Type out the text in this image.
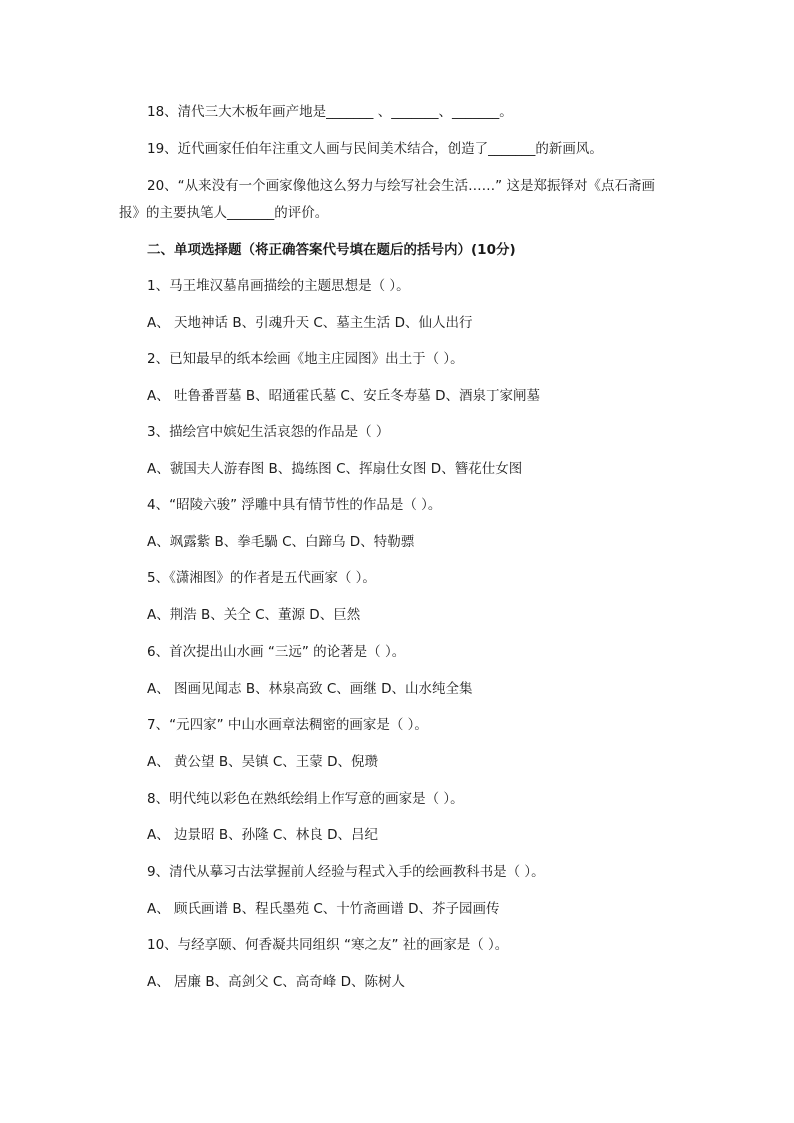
18、清代三大木板年画产地是_______ 、_______、_______。
19、近代画家任伯年注重文人画与民间美术结合，创造了_______的新画风。
20、“从来没有一个画家像他这么努力与绘写社会生活……” 这是郑振铎对《点石斋画
报》的主要执笔人_______的评价。
二、单项选择题（将正确答案代号填在题后的括号内）(10分)
1、马王堆汉墓帛画描绘的主题思想是（ ）。
A、 天地神话 B、引魂升天 C、墓主生活 D、仙人出行
2、已知最早的纸本绘画《地主庄园图》出土于（ ）。
A、 吐鲁番晋墓 B、昭通霍氏墓 C、安丘冬寿墓 D、酒泉丁家闸墓
3、描绘宫中嫔妃生活哀怨的作品是（ ）
A、虢国夫人游春图 B、捣练图 C、挥扇仕女图 D、簪花仕女图
4、“昭陵六骏” 浮雕中具有情节性的作品是（ ）。
A、飒露紫 B、拳毛騧 C、白蹄乌 D、特勒骠
5、《潇湘图》的作者是五代画家（ ）。
A、荆浩 B、关仝 C、董源 D、巨然
6、首次提出山水画 “三远” 的论著是（ ）。
A、 图画见闻志 B、林泉高致 C、画继 D、山水纯全集
7、“元四家” 中山水画章法稠密的画家是（ ）。
A、 黄公望 B、吴镇 C、王蒙 D、倪瓒
8、明代纯以彩色在熟纸绘绢上作写意的画家是（ ）。
A、 边景昭 B、孙隆 C、林良 D、吕纪
9、清代从摹习古法掌握前人经验与程式入手的绘画教科书是（ ）。
A、 顾氏画谱 B、程氏墨苑 C、十竹斋画谱 D、芥子园画传
10、与经享颐、何香凝共同组织 “寒之友” 社的画家是（ ）。
A、 居廉 B、高剑父 C、高奇峰 D、陈树人
